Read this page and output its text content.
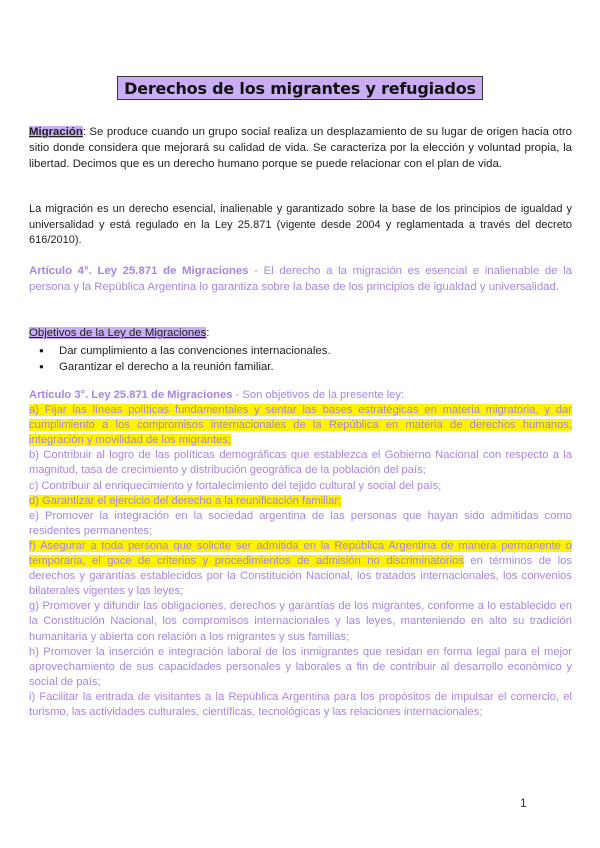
Derechos de los migrantes y refugiados

Migración: Se produce cuando un grupo social realiza un desplazamiento de su lugar de origen hacia otro sitio donde considera que mejorará su calidad de vida. Se caracteriza por la elección y voluntad propia, la libertad. Decimos que es un derecho humano porque se puede relacionar con el plan de vida.

La migración es un derecho esencial, inalienable y garantizado sobre la base de los principios de igualdad y universalidad y está regulado en la Ley 25.871 (vigente desde 2004 y reglamentada a través del decreto 616/2010).

Artículo 4°. Ley 25.871 de Migraciones - El derecho a la migración es esencial e inalienable de la persona y la República Argentina lo garantiza sobre la base de los principios de igualdad y universalidad.

Objetivos de la Ley de Migraciones:

● Dar cumplimiento a las convenciones internacionales.
● Garantizar el derecho a la reunión familiar.

Artículo 3°. Ley 25.871 de Migraciones - Son objetivos de la presente ley:

a) Fijar las líneas políticas fundamentales y sentar las bases estratégicas en materia migratoria, y dar cumplimiento a los compromisos internacionales de la República en materia de derechos humanos, integración y movilidad de los migrantes;

b) Contribuir al logro de las políticas demográficas que establezca el Gobierno Nacional con respecto a la magnitud, tasa de crecimiento y distribución geográfica de la población del país;

c) Contribuir al enriquecimiento y fortalecimiento del tejido cultural y social del país;

d) Garantizar el ejercicio del derecho a la reunificación familiar;

e) Promover la integración en la sociedad argentina de las personas que hayan sido admitidas como residentes permanentes;

f) Asegurar a toda persona que solicite ser admitida en la República Argentina de manera permanente o temporaria, el goce de criterios y procedimientos de admisión no discriminatorios en términos de los derechos y garantías establecidos por la Constitución Nacional, los tratados internacionales, los convenios bilaterales vigentes y las leyes;

g) Promover y difundir las obligaciones, derechos y garantías de los migrantes, conforme a lo establecido en la Constitución Nacional, los compromisos internacionales y las leyes, manteniendo en alto su tradición humanitaria y abierta con relación a los migrantes y sus familias;

h) Promover la inserción e integración laboral de los inmigrantes que residan en forma legal para el mejor aprovechamiento de sus capacidades personales y laborales a fin de contribuir al desarrollo económico y social de país;

i) Facilitar la entrada de visitantes a la República Argentina para los propósitos de impulsar el comercio, el turismo, las actividades culturales, científicas, tecnológicas y las relaciones internacionales;

1
